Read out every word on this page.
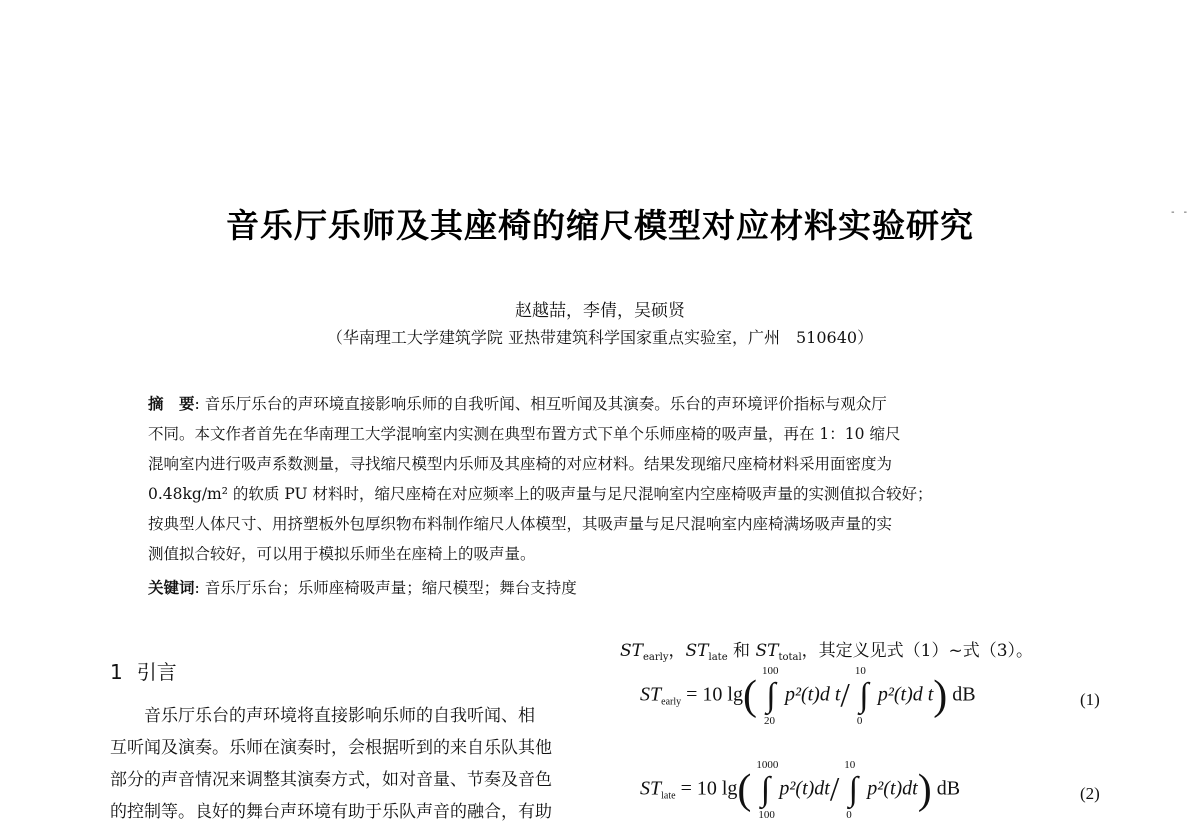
音乐厅乐师及其座椅的缩尺模型对应材料实验研究	- -
赵越喆，李倩，吴硕贤
（华南理工大学建筑学院 亚热带建筑科学国家重点实验室，广州　510640）

摘　要: 音乐厅乐台的声环境直接影响乐师的自我听闻、相互听闻及其演奏。乐台的声环境评价指标与观众厅

不同。本文作者首先在华南理工大学混响室内实测在典型布置方式下单个乐师座椅的吸声量，再在 1：10 缩尺

混响室内进行吸声系数测量，寻找缩尺模型内乐师及其座椅的对应材料。结果发现缩尺座椅材料采用面密度为

0.48kg/m² 的软质 PU 材料时，缩尺座椅在对应频率上的吸声量与足尺混响室内空座椅吸声量的实测值拟合较好；

按典型人体尺寸、用挤塑板外包厚织物布料制作缩尺人体模型，其吸声量与足尺混响室内座椅满场吸声量的实

测值拟合较好，可以用于模拟乐师坐在座椅上的吸声量。

关键词: 音乐厅乐台；乐师座椅吸声量；缩尺模型；舞台支持度
1 引言

音乐厅乐台的声环境将直接影响乐师的自我听闻、相

互听闻及演奏。乐师在演奏时，会根据听到的来自乐队其他

部分的声音情况来调整其演奏方式，如对音量、节奏及音色

的控制等。良好的舞台声环境有助于乐队声音的融合，有助

$ST_{early}$，$ST_{late}$ 和 $ST_{total}$，其定义见式（1）~式（3）。
$ST_{early} = 10$ lg(
100
∫
20
p²(t)d t/
10
∫
0
p²(t)d t) dB	(1)
$ST_{late} = 10$ lg(
1000
∫
100
p²(t)dt/
10
∫
0
p²(t)dt) dB	(2)
